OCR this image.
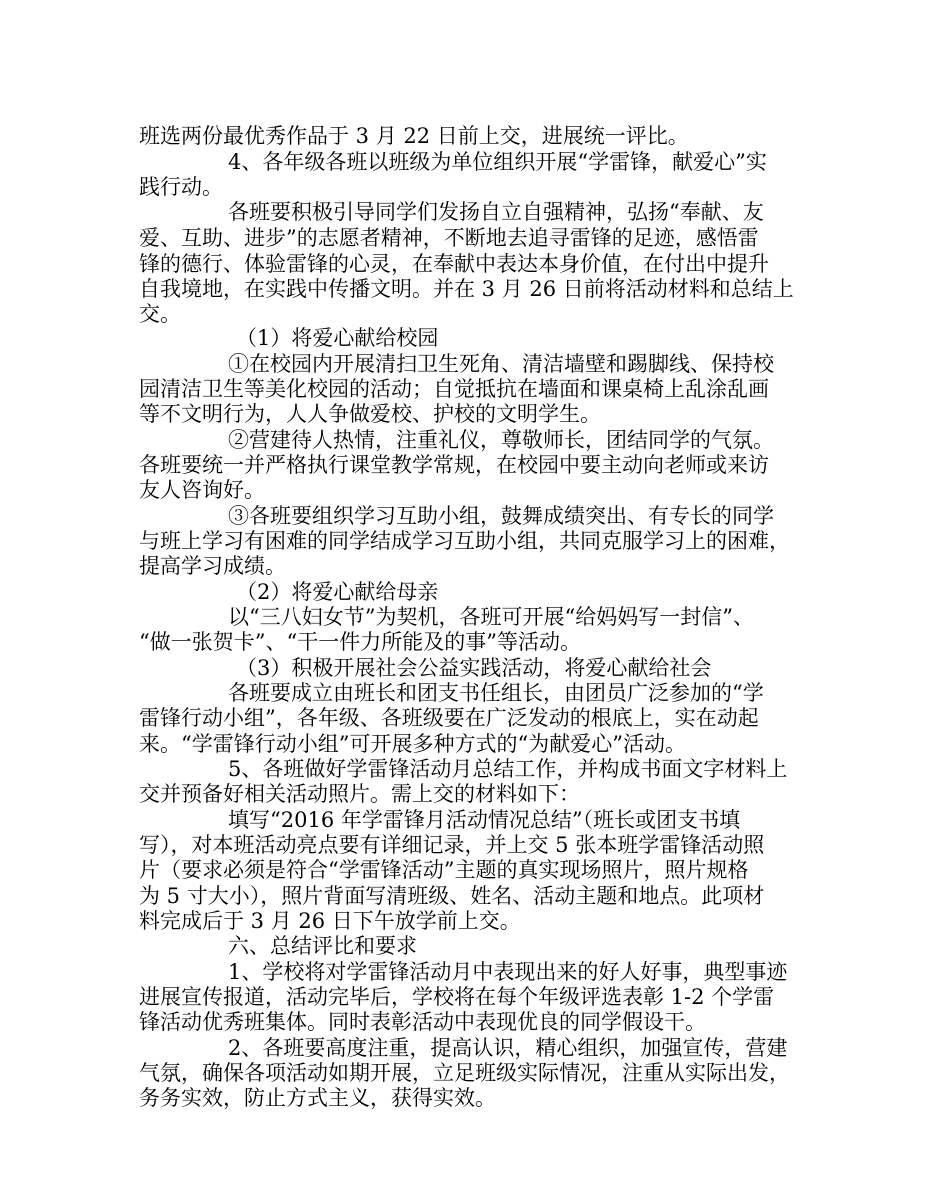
班选两份最优秀作品于 3 月 22 日前上交，进展统一评比。
4、各年级各班以班级为单位组织开展“学雷锋，献爱心”实
践行动。
各班要积极引导同学们发扬自立自强精神，弘扬“奉献、友
爱、互助、进步”的志愿者精神，不断地去追寻雷锋的足迹，感悟雷
锋的德行、体验雷锋的心灵，在奉献中表达本身价值，在付出中提升
自我境地，在实践中传播文明。并在 3 月 26 日前将活动材料和总结上
交。
（1）将爱心献给校园
①在校园内开展清扫卫生死角、清洁墙壁和踢脚线、保持校
园清洁卫生等美化校园的活动；自觉抵抗在墙面和课桌椅上乱涂乱画
等不文明行为，人人争做爱校、护校的文明学生。
②营建待人热情，注重礼仪，尊敬师长，团结同学的气氛。
各班要统一并严格执行课堂教学常规，在校园中要主动向老师或来访
友人咨询好。
③各班要组织学习互助小组，鼓舞成绩突出、有专长的同学
与班上学习有困难的同学结成学习互助小组，共同克服学习上的困难，
提高学习成绩。
（2）将爱心献给母亲
以“三八妇女节”为契机，各班可开展“给妈妈写一封信”、
“做一张贺卡”、“干一件力所能及的事”等活动。
（3）积极开展社会公益实践活动，将爱心献给社会
各班要成立由班长和团支书任组长，由团员广泛参加的“学
雷锋行动小组”，各年级、各班级要在广泛发动的根底上，实在动起
来。“学雷锋行动小组”可开展多种方式的“为献爱心”活动。
5、各班做好学雷锋活动月总结工作，并构成书面文字材料上
交并预备好相关活动照片。需上交的材料如下：
填写“2016 年学雷锋月活动情况总结”（班长或团支书填
写），对本班活动亮点要有详细记录，并上交 5 张本班学雷锋活动照
片（要求必须是符合“学雷锋活动”主题的真实现场照片，照片规格
为 5 寸大小），照片背面写清班级、姓名、活动主题和地点。此项材
料完成后于 3 月 26 日下午放学前上交。
六、总结评比和要求
1、学校将对学雷锋活动月中表现出来的好人好事，典型事迹
进展宣传报道，活动完毕后，学校将在每个年级评选表彰 1-2 个学雷
锋活动优秀班集体。同时表彰活动中表现优良的同学假设干。
2、各班要高度注重，提高认识，精心组织，加强宣传，营建
气氛，确保各项活动如期开展，立足班级实际情况，注重从实际出发，
务务实效，防止方式主义，获得实效。
